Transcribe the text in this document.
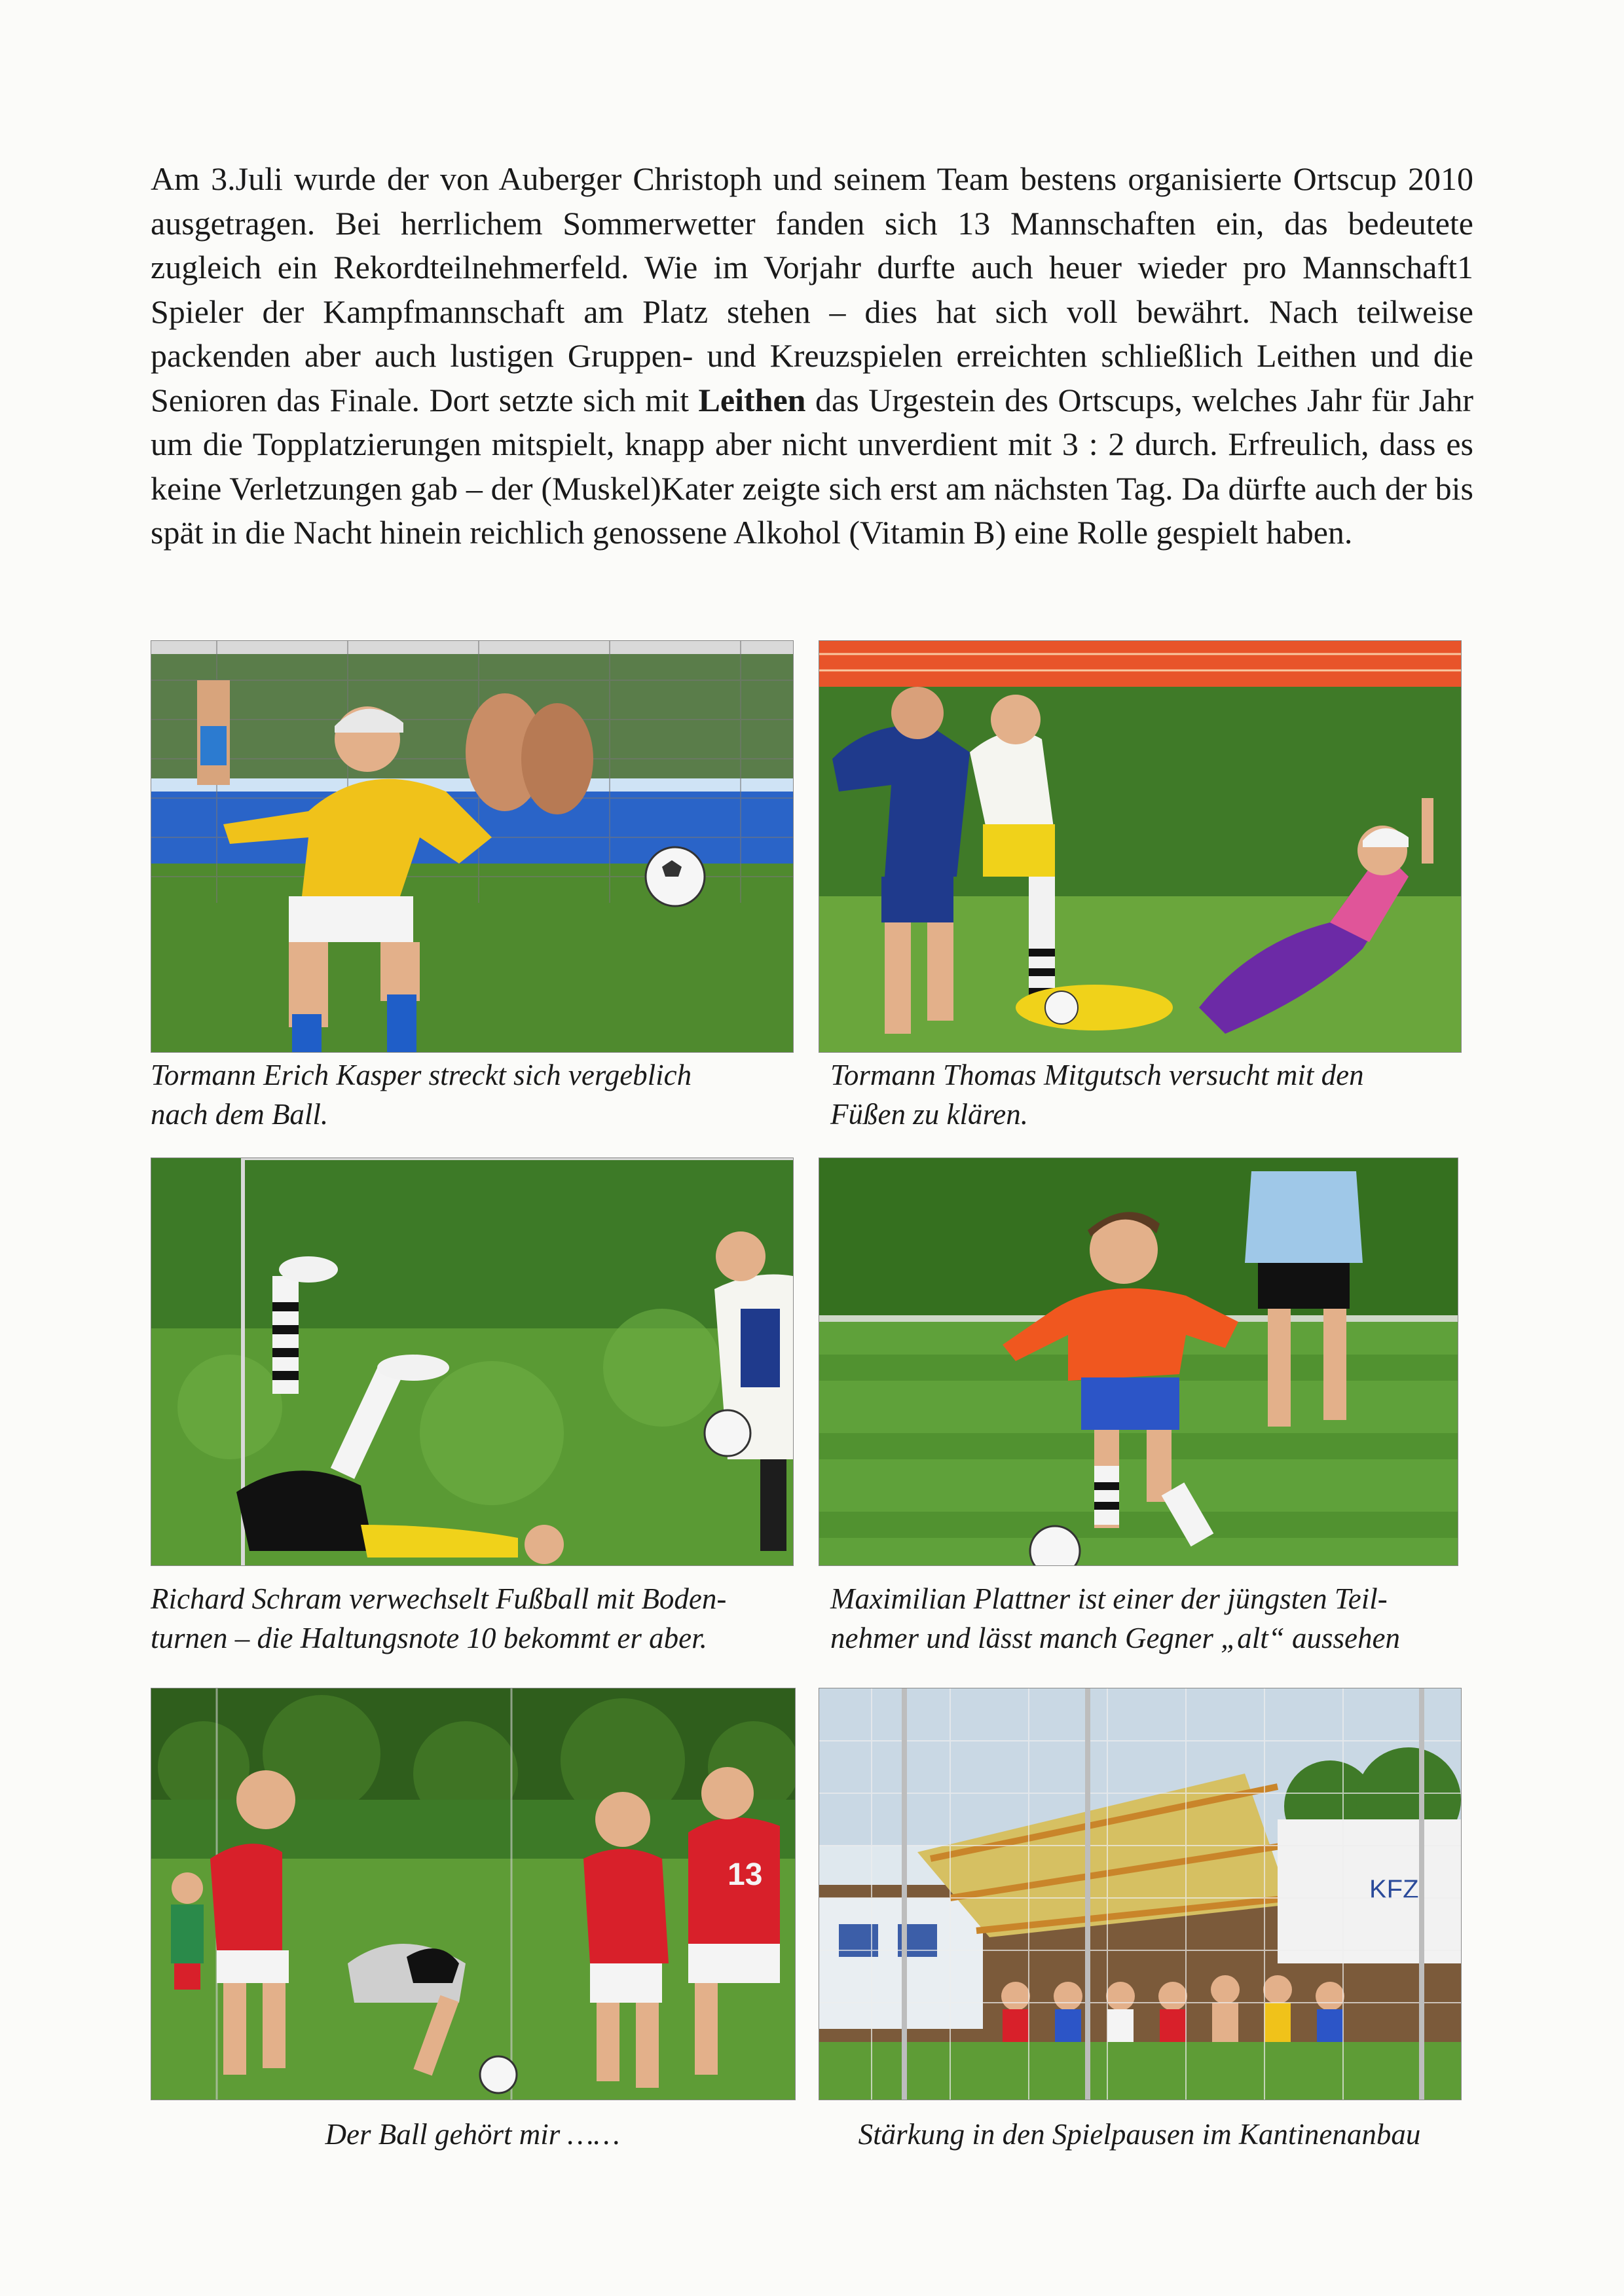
Am 3.Juli wurde der von Auberger Christoph und seinem Team bestens organisierte Ortscup 2010 ausgetragen. Bei herrlichem Sommerwetter fanden sich 13 Mannschaften ein, das bedeutete zugleich ein Rekordteilnehmerfeld. Wie im Vorjahr durfte auch heuer wieder pro Mannschaft1 Spieler der Kampfmannschaft am Platz stehen – dies hat sich voll bewährt. Nach teilweise packenden aber auch lustigen Gruppen- und Kreuzspielen erreichten schließlich Leithen und die Senioren das Finale. Dort setzte sich mit Leithen das Urgestein des Ortscups, welches Jahr für Jahr um die Topplatzierungen mitspielt, knapp aber nicht unverdient mit 3 : 2 durch. Erfreulich, dass es keine Verletzungen gab – der (Muskel)Kater zeigte sich erst am nächsten Tag. Da dürfte auch der bis spät in die Nacht hinein reichlich genossene Alkohol (Vitamin B) eine Rolle gespielt haben.

Tormann Erich Kasper streckt sich vergeblich
nach dem Ball.
Tormann Thomas Mitgutsch versucht mit den
Füßen zu klären.
Richard Schram verwechselt Fußball mit Boden-
turnen – die Haltungsnote 10 bekommt er aber.
Maximilian Plattner ist einer der jüngsten Teil-
nehmer und lässt manch Gegner „alt“ aussehen
13
Der Ball gehört mir ……
KFZ
Stärkung in den Spielpausen im Kantinenanbau
